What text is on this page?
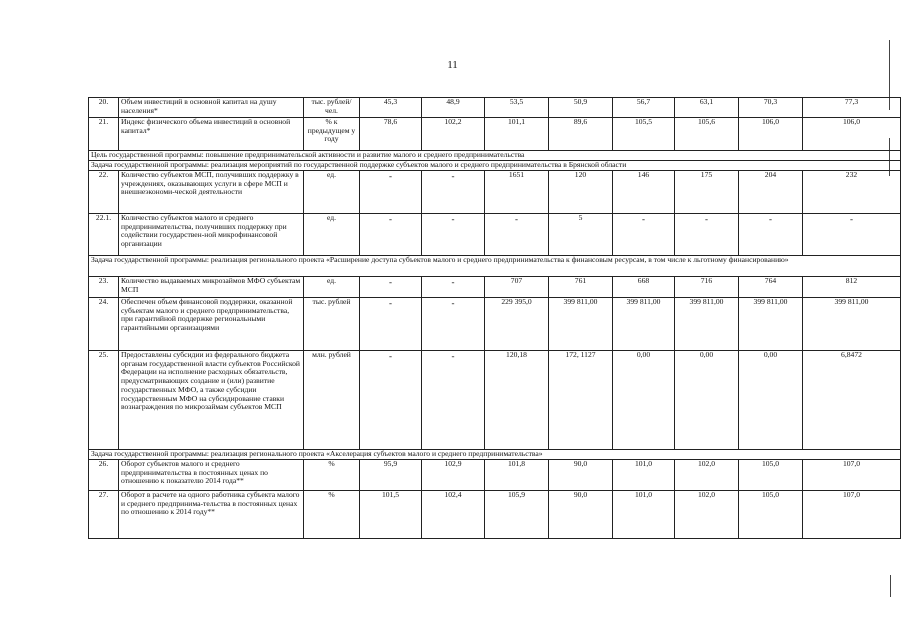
11
20.	Объем инвестиций в основной капитал на душу населения*	тыс. рублей/чел.	45,3	48,9	53,5	50,9	56,7	63,1	70,3	77,3	
21.	Индекс физического объема инвестиций в основной капитал*	% к предыдущем у году	78,6	102,2	101,1	89,6	105,5	105,6	106,0	106,0	
Цель государственной программы: повышение предпринимательской активности и развитие малого и среднего предпринимательства											
Задача государственной программы: реализация мероприятий по государственной поддержке субъектов малого и среднего предпринимательства в Брянской области											
22.	Количество субъектов МСП, получивших поддержку в учреждениях, оказывающих услуги в сфере МСП и внешнеэкономи-ческой деятельности	ед.	-	-	1651	120	146	175	204	232	
22.1.	Количество субъектов малого и среднего предпринимательства, получивших поддержку при содействии государствен-ной микрофинансовой организации	ед.	-	-	-	5	-	-	-	-	
Задача государственной программы: реализация регионального проекта «Расширение доступа субъектов малого и среднего предпринимательства к финансовым ресурсам, в том числе к льготному финансированию»											
23.	Количество выдаваемых микрозаймов МФО субъектам МСП	ед.	-	-	707	761	668	716	764	812	
24.	Обеспечен объем финансовой поддержки, оказанной субъектам малого и среднего предпринимательства, при гарантийной поддержке региональными гарантийными организациями	тыс. рублей	-	-	229 395,0	399 811,00	399 811,00	399 811,00	399 811,00	399 811,00	
25.	Предоставлены субсидии из федерального бюджета органам государственной власти субъектов Российской Федерации на исполнение расходных обязательств, предусматривающих создание и (или) развитие государственных МФО, а также субсидии государственным МФО на субсидирование ставки вознаграждения по микрозаймам субъектов МСП	млн. рублей	-	-	120,18	172, 1127	0,00	0,00	0,00	6,8472	
Задача государственной программы: реализация регионального проекта «Акселерация субъектов малого и среднего предпринимательства»											
26.	Оборот субъектов малого и среднего предпринимательства в постоянных ценах по отношению к показателю 2014 года**	%	95,9	102,9	101,8	90,0	101,0	102,0	105,0	107,0	
27.	Оборот в расчете на одного работника субъекта малого и среднего предпринима-тельства в постоянных ценах по отношению к 2014 году**	%	101,5	102,4	105,9	90,0	101,0	102,0	105,0	107,0	
